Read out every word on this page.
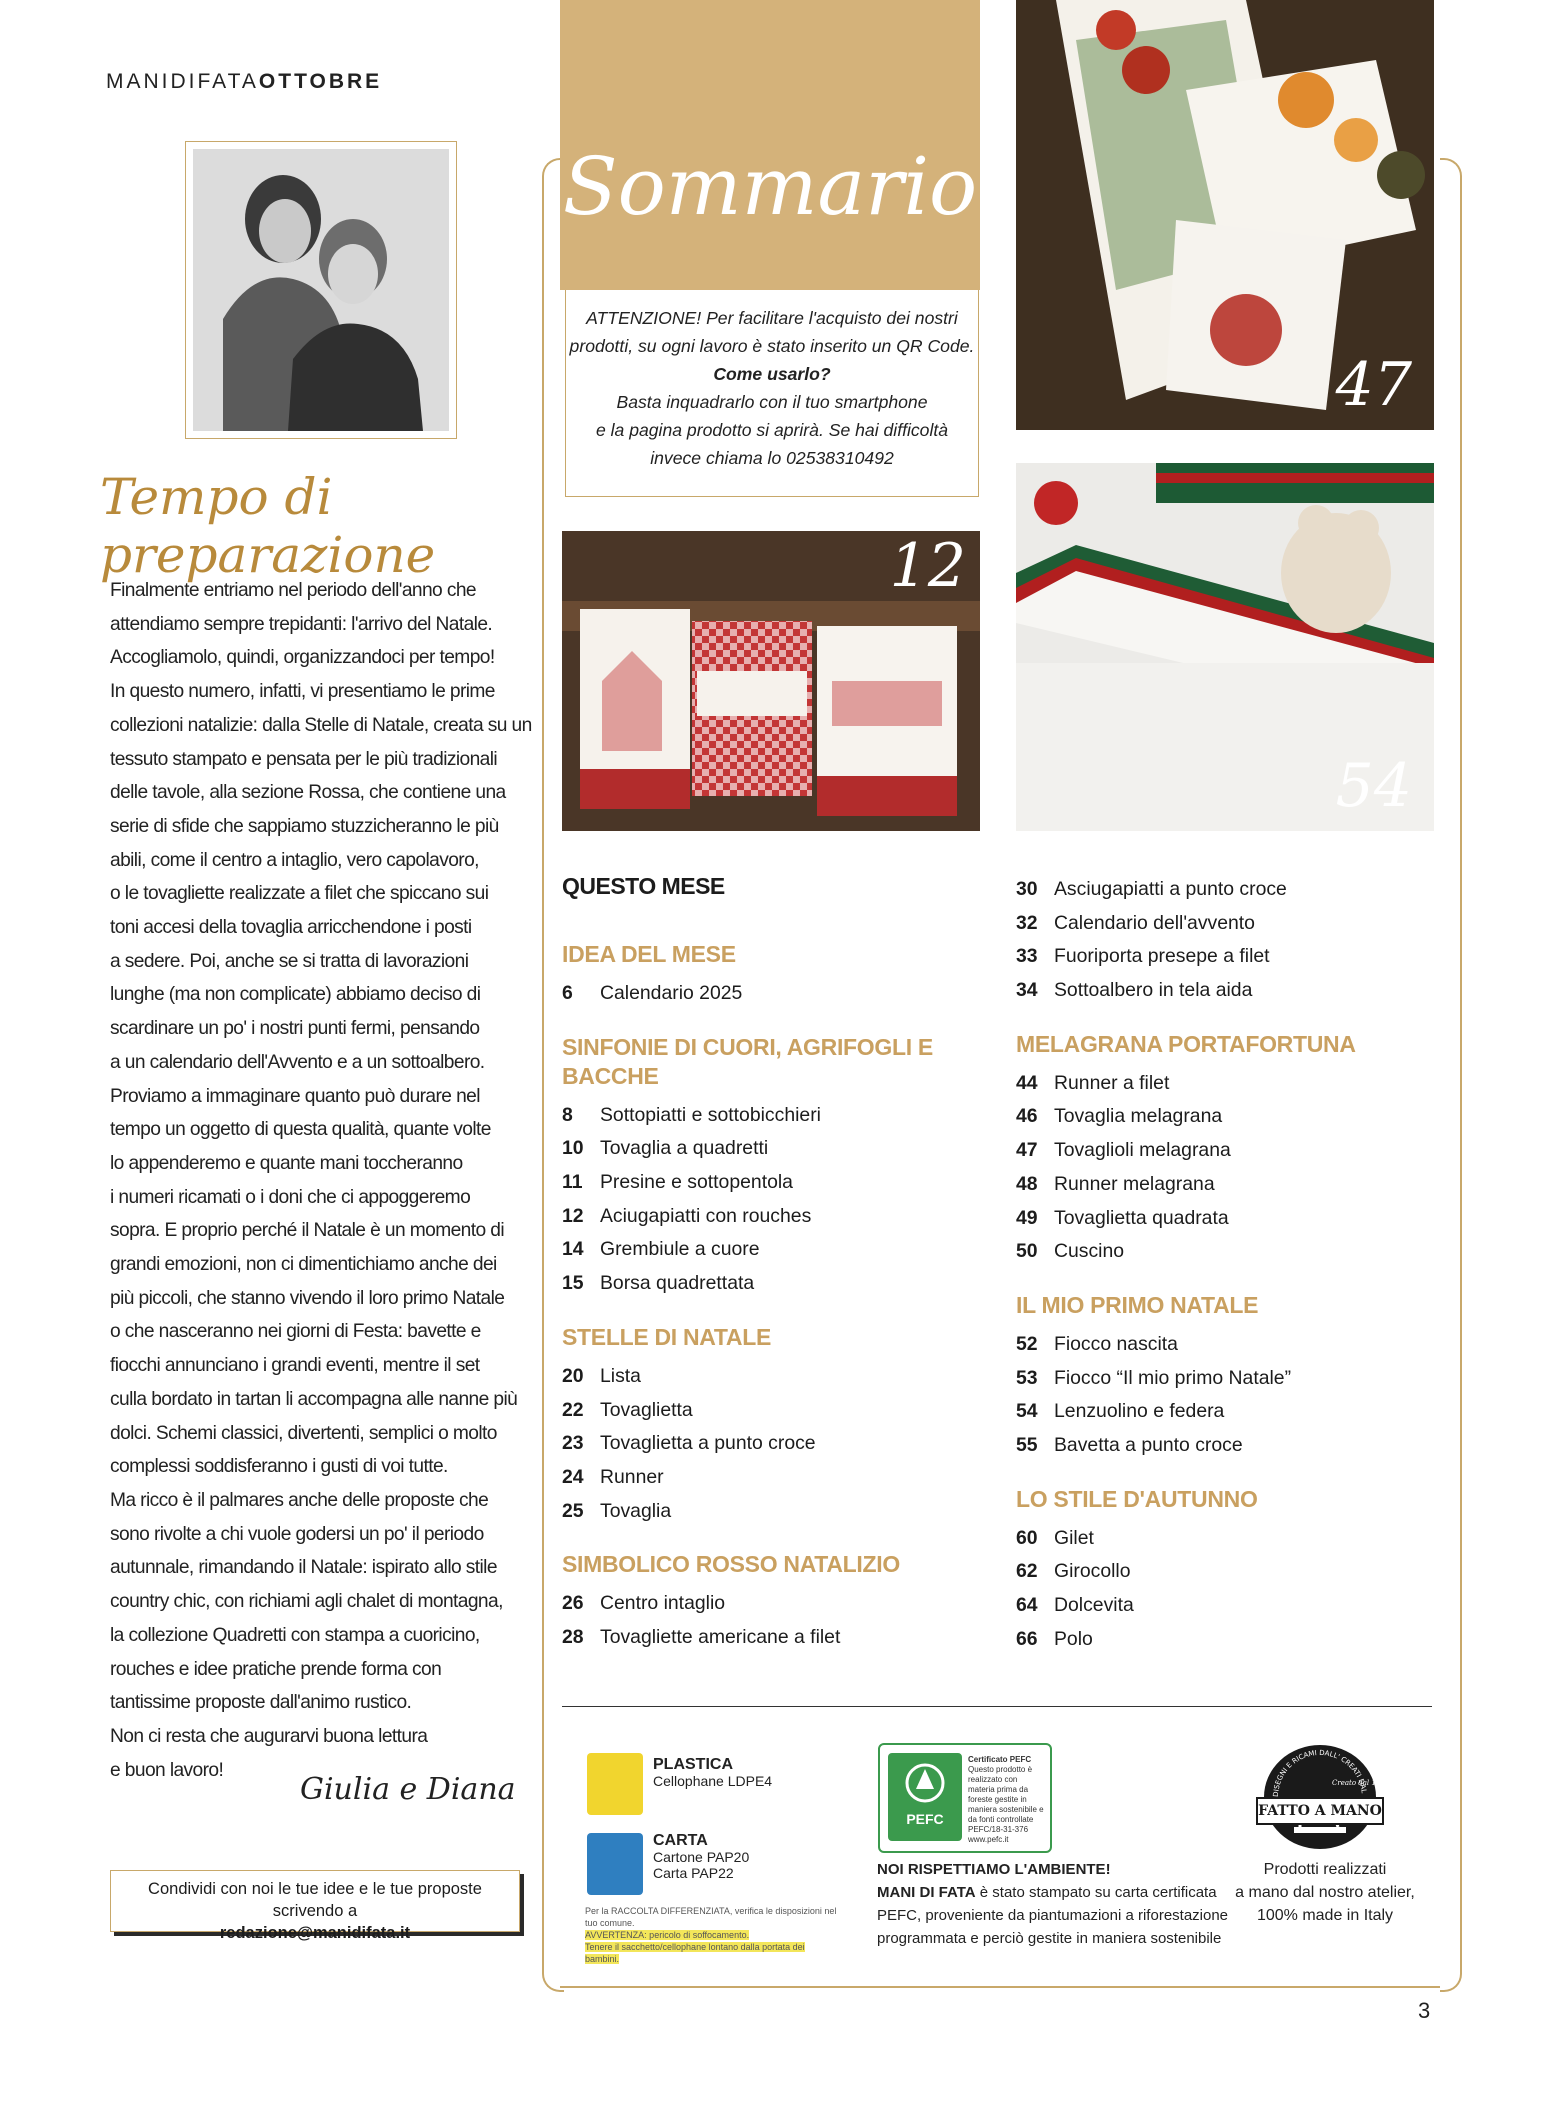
MANIDIFATAOTTOBRE
Tempo di preparazione

Finalmente entriamo nel periodo dell'anno che

attendiamo sempre trepidanti: l'arrivo del Natale.

Accogliamolo, quindi, organizzandoci per tempo!

In questo numero, infatti, vi presentiamo le prime

collezioni natalizie: dalla Stelle di Natale, creata su un

tessuto stampato e pensata per le più tradizionali

delle tavole, alla sezione Rossa, che contiene una

serie di sfide che sappiamo stuzzicheranno le più

abili, come il centro a intaglio, vero capolavoro,

o le tovagliette realizzate a filet che spiccano sui

toni accesi della tovaglia arricchendone i posti

a sedere. Poi, anche se si tratta di lavorazioni

lunghe (ma non complicate) abbiamo deciso di

scardinare un po' i nostri punti fermi, pensando

a un calendario dell'Avvento e a un sottoalbero.

Proviamo a immaginare quanto può durare nel

tempo un oggetto di questa qualità, quante volte

lo appenderemo e quante mani toccheranno

i numeri ricamati o i doni che ci appoggeremo

sopra. E proprio perché il Natale è un momento di

grandi emozioni, non ci dimentichiamo anche dei

più piccoli, che stanno vivendo il loro primo Natale

o che nasceranno nei giorni di Festa: bavette e

fiocchi annunciano i grandi eventi, mentre il set

culla bordato in tartan li accompagna alle nanne più

dolci. Schemi classici, divertenti, semplici o molto

complessi soddisferanno i gusti di voi tutte.

Ma ricco è il palmares anche delle proposte che

sono rivolte a chi vuole godersi un po' il periodo

autunnale, rimandando il Natale: ispirato allo stile

country chic, con richiami agli chalet di montagna,

la collezione Quadretti con stampa a cuoricino,

rouches e idee pratiche prende forma con

tantissime proposte dall'animo rustico.

Non ci resta che augurarvi buona lettura

e buon lavoro!

Giulia e Diana
Condividi con noi le tue idee e le tue proposte scrivendo a
redazione@manidifata.it
Sommario
ATTENZIONE! Per facilitare l'acquisto dei nostri
prodotti, su ogni lavoro è stato inserito un QR Code.
Come usarlo?
Basta inquadrarlo con il tuo smartphone
e la pagina prodotto si aprirà. Se hai difficoltà
invece chiama lo 02538310492
47
12
54
QUESTO MESE
IDEA DEL MESE
6 Calendario 2025
SINFONIE DI CUORI, AGRIFOGLI E BACCHE
8 Sottopiatti e sottobicchieri
10 Tovaglia a quadretti
11 Presine e sottopentola
12 Aciugapiatti con rouches
14 Grembiule a cuore
15 Borsa quadrettata
STELLE DI NATALE
20 Lista
22 Tovaglietta
23 Tovaglietta a punto croce
24 Runner
25 Tovaglia
SIMBOLICO ROSSO NATALIZIO
26 Centro intaglio
28 Tovagliette americane a filet
30 Asciugapiatti a punto croce
32 Calendario dell'avvento
33 Fuoriporta presepe a filet
34 Sottoalbero in tela aida
MELAGRANA PORTAFORTUNA
44 Runner a filet
46 Tovaglia melagrana
47 Tovaglioli melagrana
48 Runner melagrana
49 Tovaglietta quadrata
50 Cuscino
IL MIO PRIMO NATALE
52 Fiocco nascita
53 Fiocco “Il mio primo Natale”
54 Lenzuolino e federa
55 Bavetta a punto croce
LO STILE D'AUTUNNO
60 Gilet
62 Girocollo
64 Dolcevita
66 Polo
PLASTICA
Cellophane LDPE4
CARTA
Cartone PAP20
Carta PAP22
Per la RACCOLTA DIFFERENZIATA, verifica le disposizioni nel tuo comune.
AVVERTENZA: pericolo di soffocamento.
Tenere il sacchetto/cellophane lontano dalla portata dei bambini.
PEFC
Certificato PEFC
Questo prodotto è realizzato con materia prima da foreste gestite in maniera sostenibile e da fonti controllate
PEFC/18-31-376
www.pefc.it
NOI RISPETTIAMO L'AMBIENTE!
MANI DI FATA è stato stampato su carta certificata
PEFC, proveniente da piantumazioni a riforestazione
programmata e perciò gestite in maniera sostenibile
DISEGNI E RICAMI DALL' CREATI DAL
Creato dal 1
FATTO A MANO
Prodotti realizzati
a mano dal nostro atelier,
100% made in Italy
3
